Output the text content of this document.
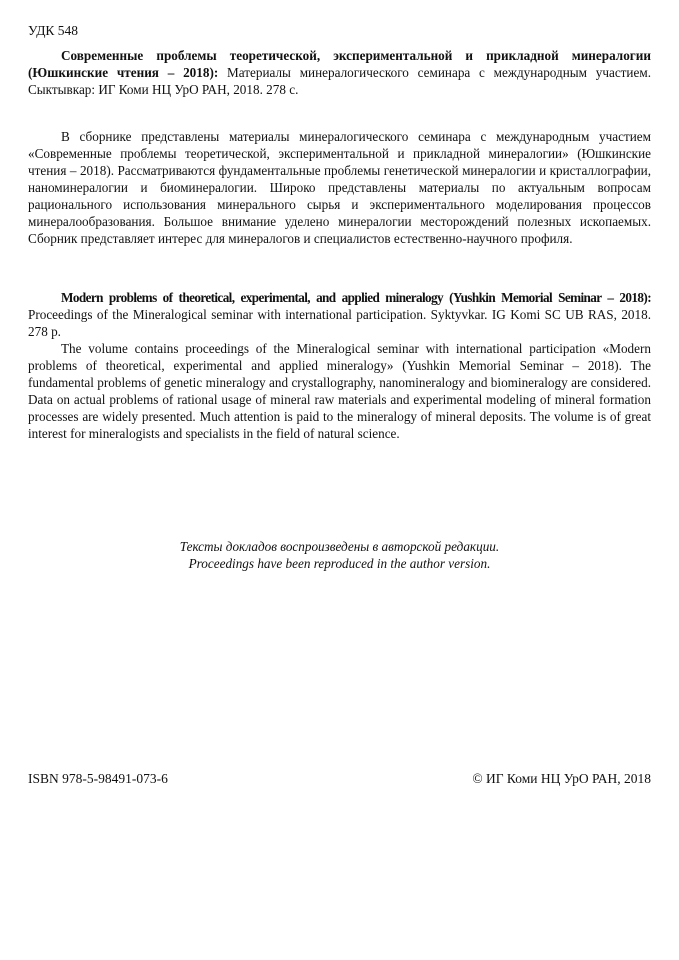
УДК 548
Современные проблемы теоретической, экспериментальной и прикладной минералогии (Юшкинские чтения – 2018): Материалы минералогического семинара с международным участием. Сыктывкар: ИГ Коми НЦ УрО РАН, 2018. 278 с.
В сборнике представлены материалы минералогического семинара с международным участием «Современные проблемы теоретической, экспериментальной и прикладной минералогии» (Юшкинские чтения – 2018). Рассматриваются фундаментальные проблемы генетической минералогии и кристаллографии, наноминералогии и биоминералогии. Широко представлены материалы по актуальным вопросам рационального использования минерального сырья и экспериментального моделирования процессов минералообразования. Большое внимание уделено минералогии месторождений полезных ископаемых. Сборник представляет интерес для минералогов и специалистов естественно-научного профиля.
Modern problems of theoretical, experimental, and applied mineralogy (Yushkin Memorial Seminar – 2018): Proceedings of the Mineralogical seminar with international participation. Syktyvkar. IG Komi SC UB RAS, 2018. 278 p.
The volume contains proceedings of the Mineralogical seminar with international participation «Modern problems of theoretical, experimental and applied mineralogy» (Yushkin Memorial Seminar – 2018). The fundamental problems of genetic mineralogy and crystallography, nanomineralogy and biomineralogy are considered. Data on actual problems of rational usage of mineral raw materials and experimental modeling of mineral formation processes are widely presented. Much attention is paid to the mineralogy of mineral deposits. The volume is of great interest for mineralogists and specialists in the field of natural science.
Тексты докладов воспроизведены в авторской редакции.
Proceedings have been reproduced in the author version.
ISBN 978-5-98491-073-6	© ИГ Коми НЦ УрО РАН, 2018
